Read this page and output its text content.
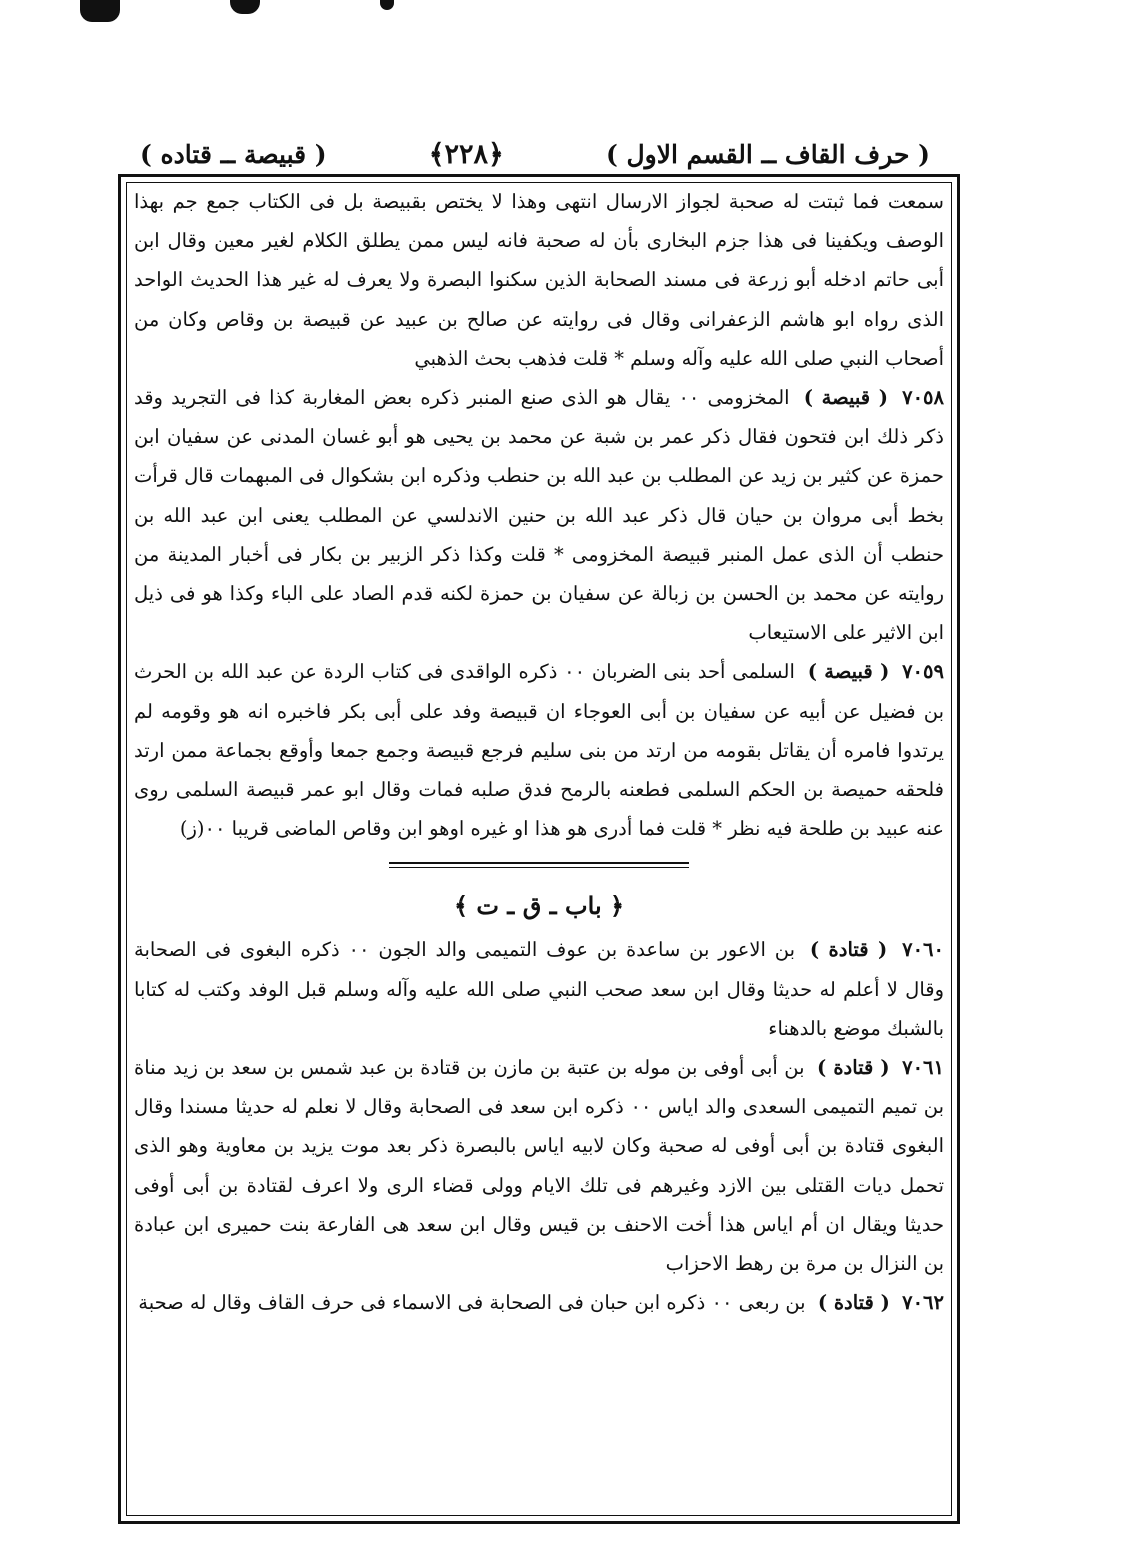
( حرف القاف ــ القسم الاول )
﴿٢٢٨﴾
( قبيصة ــ قتاده )

سمعت فما ثبتت له صحبة لجواز الارسال انتهى وهذا لا يختص بقبيصة بل فى الكتاب جمع جم بهذا الوصف ويكفينا فى هذا جزم البخارى بأن له صحبة فانه ليس ممن يطلق الكلام لغير معين وقال ابن أبى حاتم ادخله أبو زرعة فى مسند الصحابة الذين سكنوا البصرة ولا يعرف له غير هذا الحديث الواحد الذى رواه ابو هاشم الزعفرانى وقال فى روايته عن صالح بن عبيد عن قبيصة بن وقاص وكان من أصحاب النبي صلى الله عليه وآله وسلم * قلت فذهب بحث الذهبي

٧٠٥٨ ( قبيصة ) المخزومى ٠٠ يقال هو الذى صنع المنبر ذكره بعض المغاربة كذا فى التجريد وقد ذكر ذلك ابن فتحون فقال ذكر عمر بن شبة عن محمد بن يحيى هو أبو غسان المدنى عن سفيان ابن حمزة عن كثير بن زيد عن المطلب بن عبد الله بن حنطب وذكره ابن بشكوال فى المبهمات قال قرأت بخط أبى مروان بن حيان قال ذكر عبد الله بن حنين الاندلسي عن المطلب يعنى ابن عبد الله بن حنطب أن الذى عمل المنبر قبيصة المخزومى * قلت وكذا ذكر الزبير بن بكار فى أخبار المدينة من روايته عن محمد بن الحسن بن زبالة عن سفيان بن حمزة لكنه قدم الصاد على الباء وكذا هو فى ذيل ابن الاثير على الاستيعاب

٧٠٥٩ ( قبيصة ) السلمى أحد بنى الضربان ٠٠ ذكره الواقدى فى كتاب الردة عن عبد الله بن الحرث بن فضيل عن أبيه عن سفيان بن أبى العوجاء ان قبيصة وفد على أبى بكر فاخبره انه هو وقومه لم يرتدوا فامره أن يقاتل بقومه من ارتد من بنى سليم فرجع قبيصة وجمع جمعا وأوقع بجماعة ممن ارتد فلحقه حميصة بن الحكم السلمى فطعنه بالرمح فدق صلبه فمات وقال ابو عمر قبيصة السلمى روى عنه عبيد بن طلحة فيه نظر * قلت فما أدرى هو هذا او غيره اوهو ابن وقاص الماضى قريبا ٠٠(ز)

﴿ باب ـ ق ـ ت ﴾

٧٠٦٠ ( قتادة ) بن الاعور بن ساعدة بن عوف التميمى والد الجون ٠٠ ذكره البغوى فى الصحابة وقال لا أعلم له حديثا وقال ابن سعد صحب النبي صلى الله عليه وآله وسلم قبل الوفد وكتب له كتابا بالشبك موضع بالدهناء

٧٠٦١ ( قتادة ) بن أبى أوفى بن موله بن عتبة بن مازن بن قتادة بن عبد شمس بن سعد بن زيد مناة بن تميم التميمى السعدى والد اياس ٠٠ ذكره ابن سعد فى الصحابة وقال لا نعلم له حديثا مسندا وقال البغوى قتادة بن أبى أوفى له صحبة وكان لابيه اياس بالبصرة ذكر بعد موت يزيد بن معاوية وهو الذى تحمل ديات القتلى بين الازد وغيرهم فى تلك الايام وولى قضاء الرى ولا اعرف لقتادة بن أبى أوفى حديثا ويقال ان أم اياس هذا أخت الاحنف بن قيس وقال ابن سعد هى الفارعة بنت حميرى ابن عبادة بن النزال بن مرة بن رهط الاحزاب

٧٠٦٢ ( قتادة ) بن ربعى ٠٠ ذكره ابن حبان فى الصحابة فى الاسماء فى حرف القاف وقال له صحبة
